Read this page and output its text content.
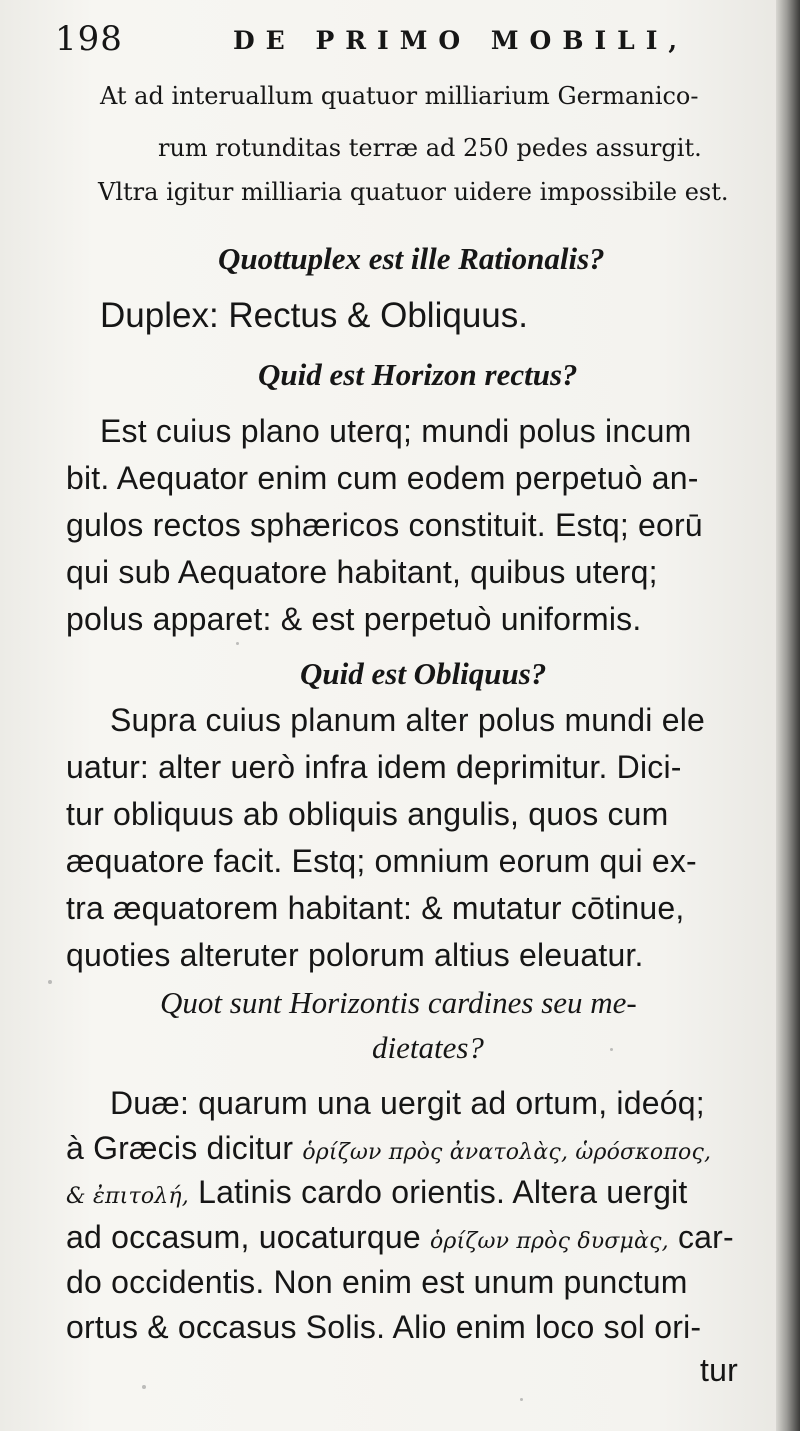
198	DE PRIMO MOBILI,
At ad interuallum quatuor milliarium Germanico-
rum rotunditas terræ ad 250 pedes assurgit.
Vltra igitur milliaria quatuor uidere impossibile est.
Quottuplex est ille Rationalis?
Duplex: Rectus & Obliquus.
Quid est Horizon rectus?
Est cuius plano uterq; mundi polus incum
bit. Aequator enim cum eodem perpetuò an-
gulos rectos sphæricos constituit. Estq; eorū
qui sub Aequatore habitant, quibus uterq;
polus apparet: & est perpetuò uniformis.
Quid est Obliquus?
Supra cuius planum alter polus mundi ele
uatur: alter uerò infra idem deprimitur. Dici-
tur obliquus ab obliquis angulis, quos cum
æquatore facit. Estq; omnium eorum qui ex-
tra æquatorem habitant: & mutatur cōtinue,
quoties alteruter polorum altius eleuatur.
Quot sunt Horizontis cardines seu me-
dietates?
Duæ: quarum una uergit ad ortum, ideóq;
à Græcis dicitur ὁρίζων πρὸς ἀνατολὰς, ὡρόσκοπος,
& ἐπιτολή, Latinis cardo orientis. Altera uergit
ad occasum, uocaturque ὁρίζων πρὸς δυσμὰς, car-
do occidentis. Non enim est unum punctum
ortus & occasus Solis. Alio enim loco sol ori-
tur
